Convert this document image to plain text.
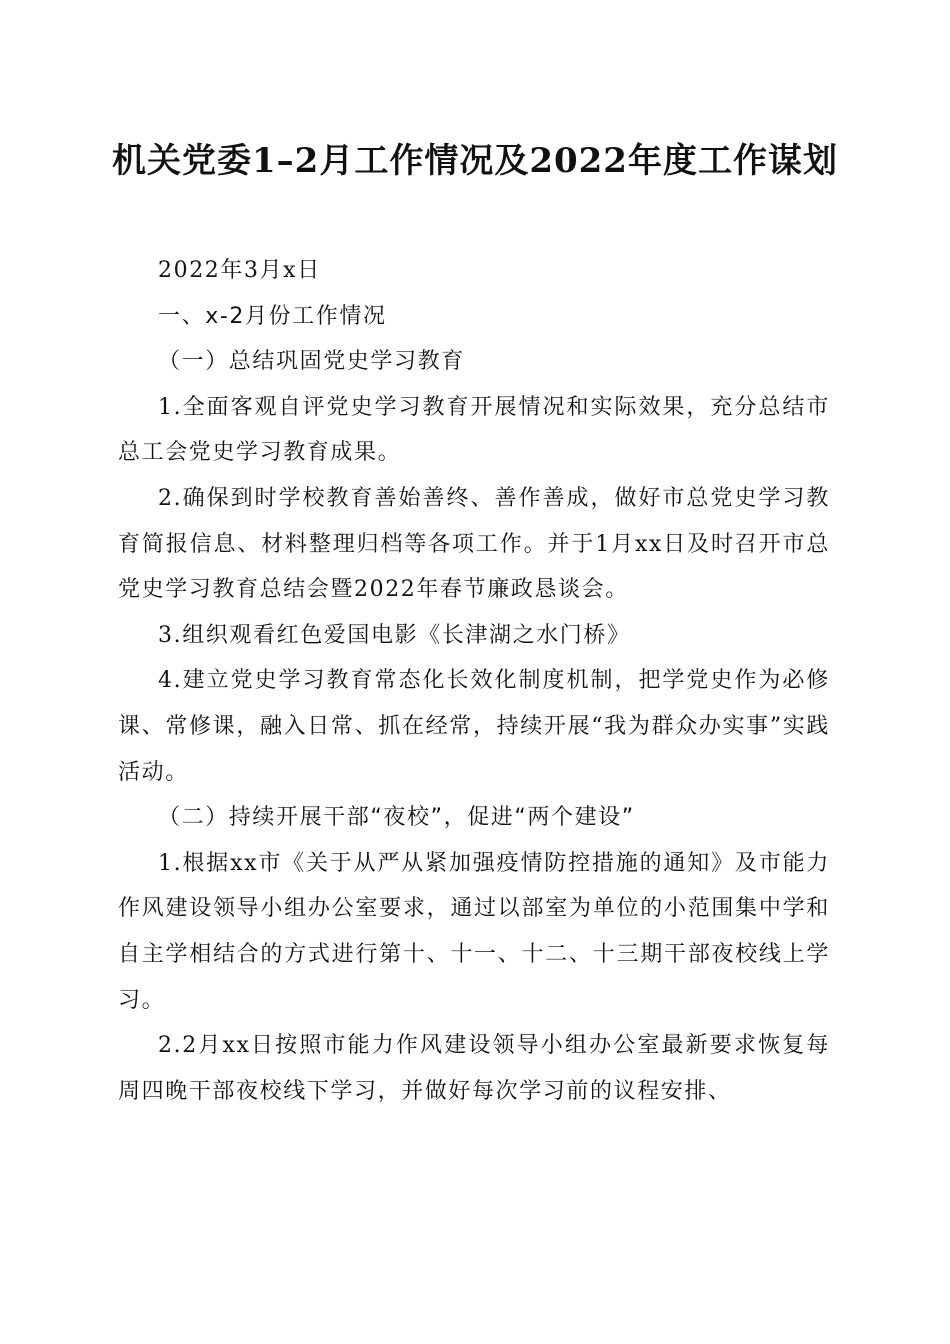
机关党委1–2月工作情况及2022年度工作谋划

2022年3月x日

一、x-2月份工作情况

（一）总结巩固党史学习教育

1.全面客观自评党史学习教育开展情况和实际效果，充分总结市总工会党史学习教育成果。

2.确保到时学校教育善始善终、善作善成，做好市总党史学习教育简报信息、材料整理归档等各项工作。并于1月xx日及时召开市总党史学习教育总结会暨2022年春节廉政恳谈会。

3.组织观看红色爱国电影《长津湖之水门桥》

4.建立党史学习教育常态化长效化制度机制，把学党史作为必修课、常修课，融入日常、抓在经常，持续开展“我为群众办实事”实践活动。

（二）持续开展干部“夜校”，促进“两个建设”

1.根据xx市《关于从严从紧加强疫情防控措施的通知》及市能力作风建设领导小组办公室要求，通过以部室为单位的小范围集中学和自主学相结合的方式进行第十、十一、十二、十三期干部夜校线上学习。

2.2月xx日按照市能力作风建设领导小组办公室最新要求恢复每周四晚干部夜校线下学习，并做好每次学习前的议程安排、
